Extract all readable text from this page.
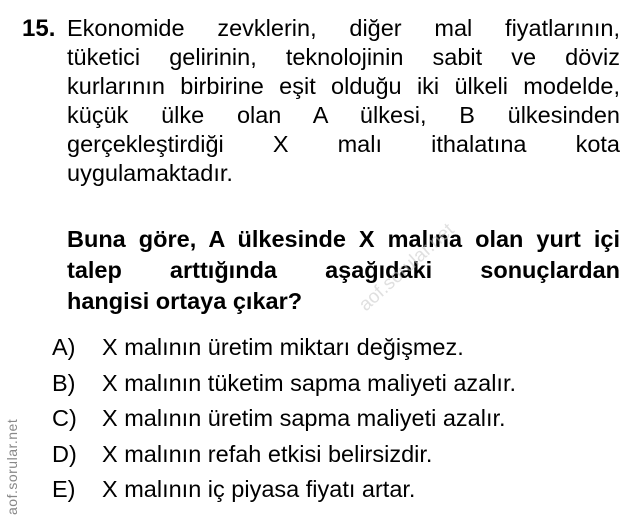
15. Ekonomide zevklerin, diğer mal fiyatlarının,
tüketici gelirinin, teknolojinin sabit ve döviz
kurlarının birbirine eşit olduğu iki ülkeli modelde,
küçük ülke olan A ülkesi, B ülkesinden
gerçekleştirdiği X malı ithalatına kota
uygulamaktadır.

Buna göre, A ülkesinde X malına olan yurt içi
talep arttığında aşağıdaki sonuçlardan
hangisi ortaya çıkar?

A) X malının üretim miktarı değişmez.
B) X malının tüketim sapma maliyeti azalır.
C) X malının üretim sapma maliyeti azalır.
D) X malının refah etkisi belirsizdir.
E) X malının iç piyasa fiyatı artar.
aof.sorular.net
aof.sorular.net
